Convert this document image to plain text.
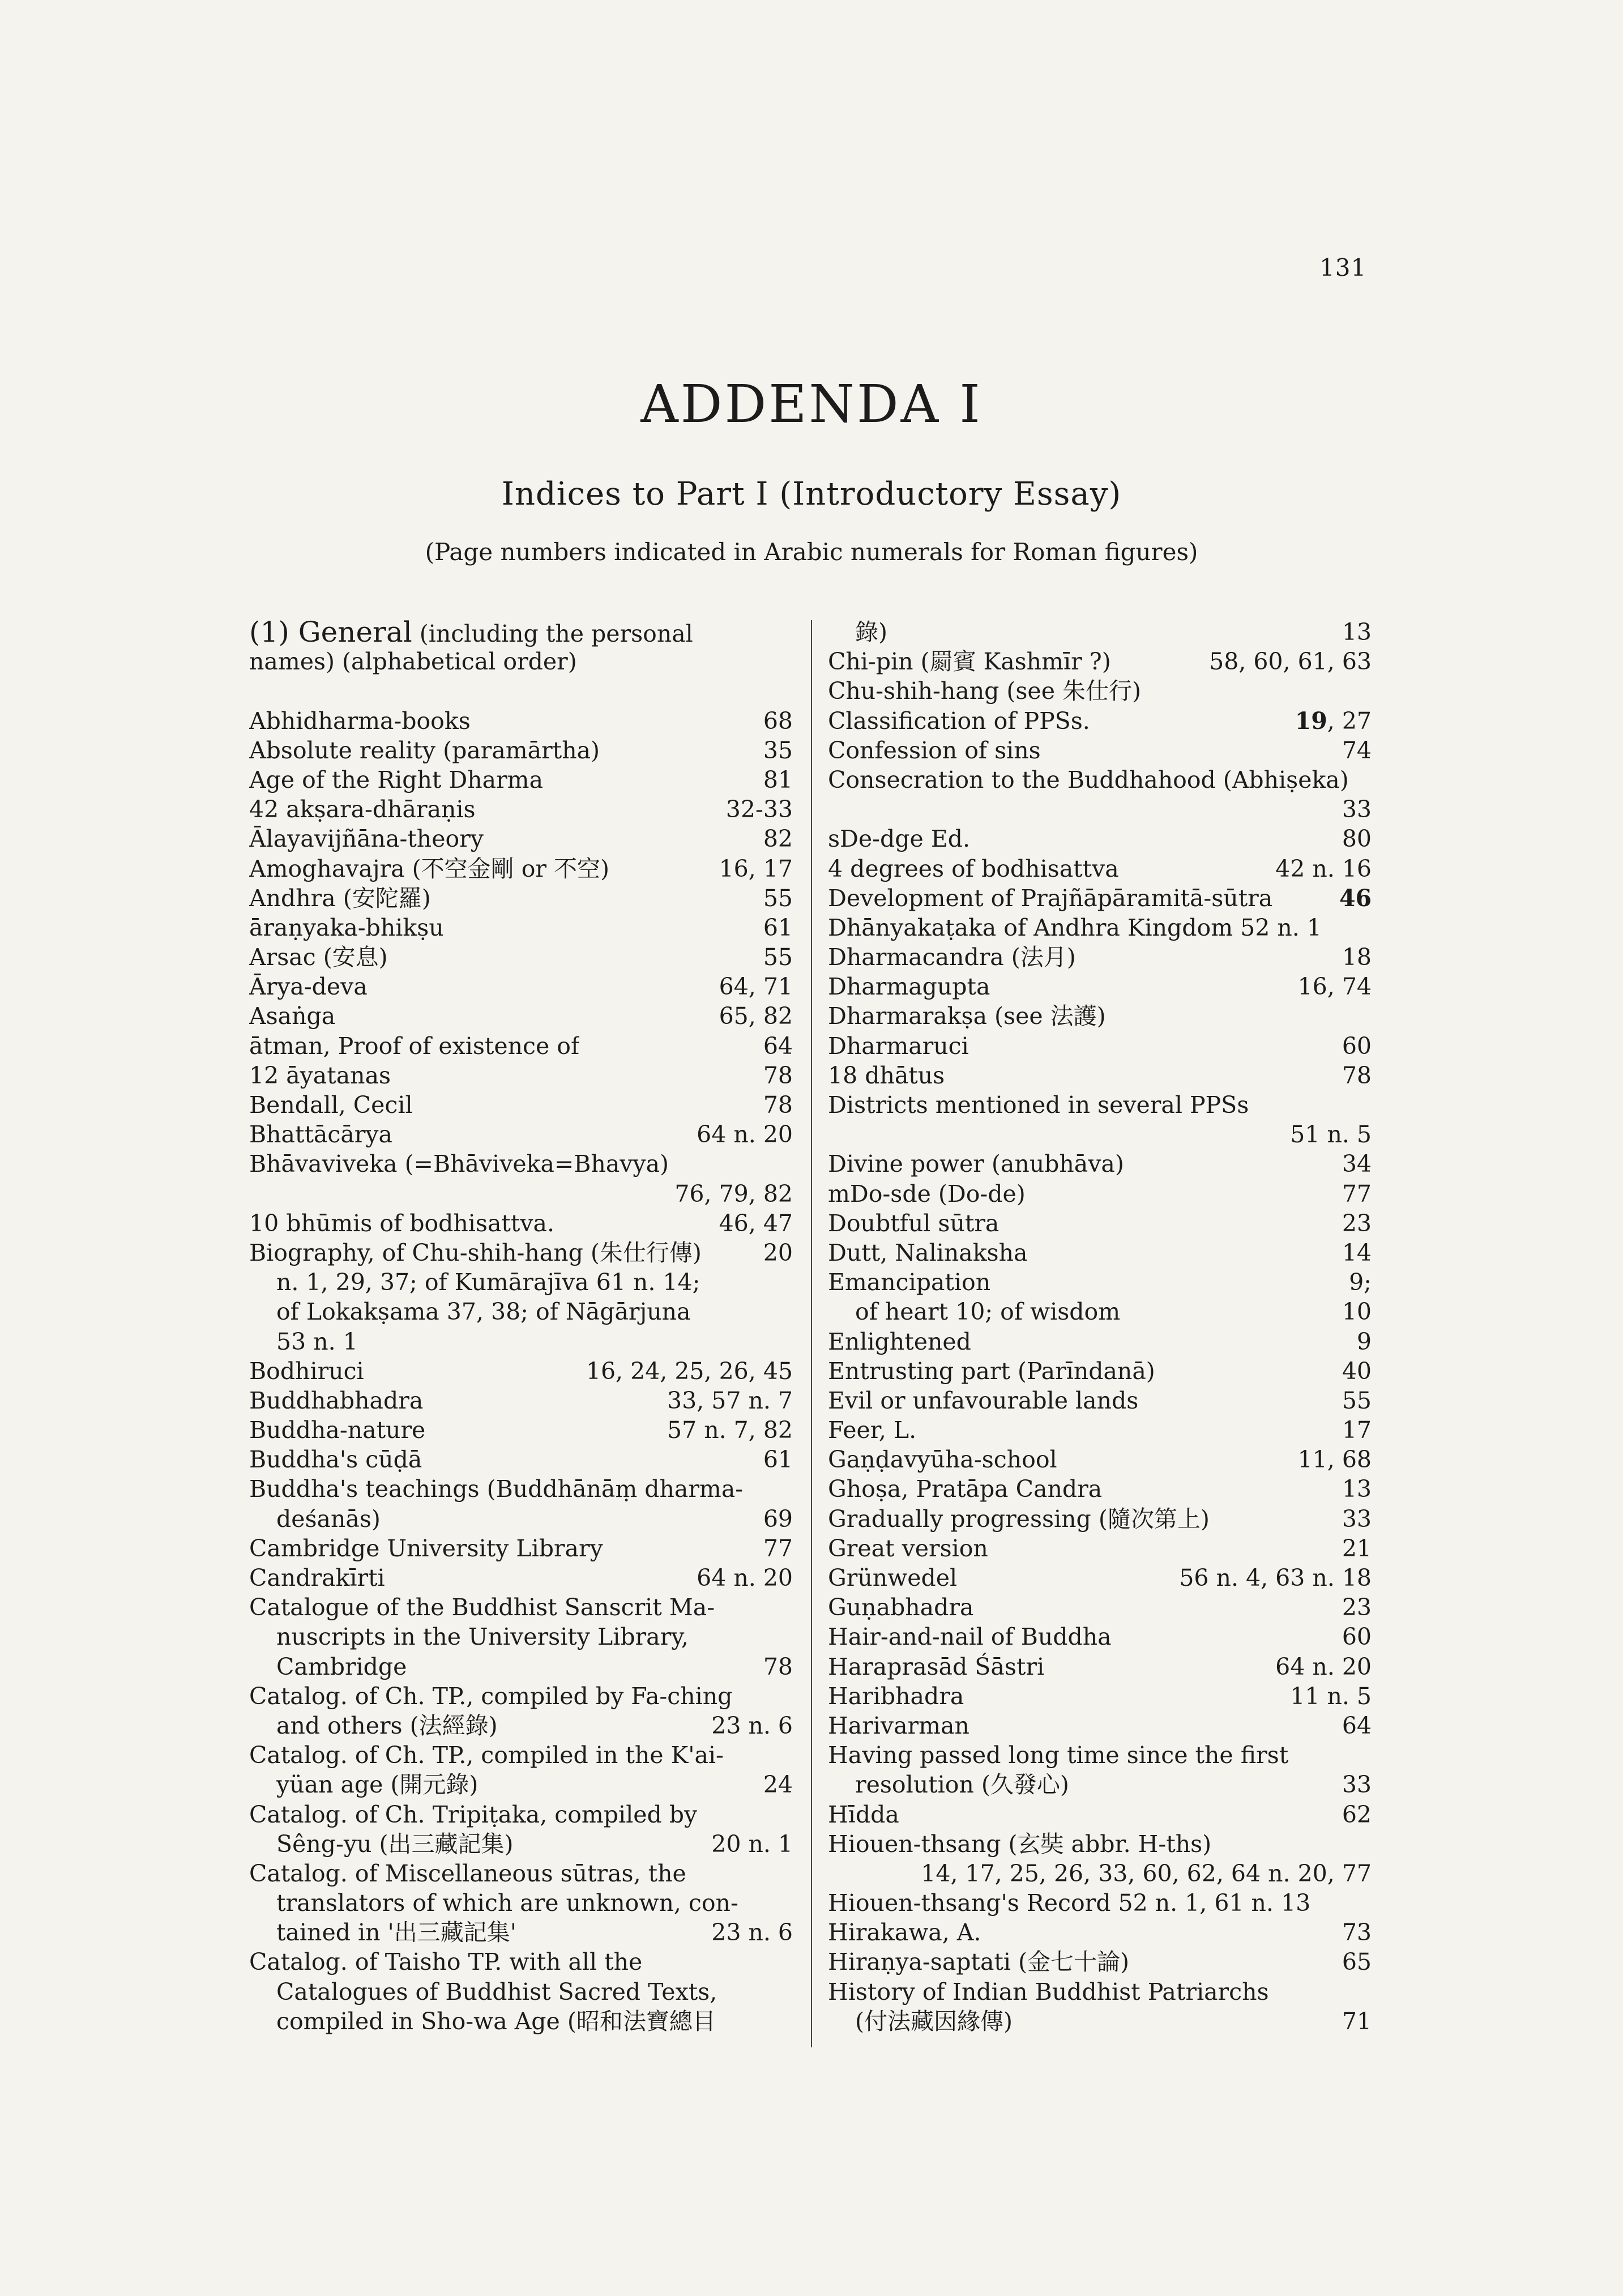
131
ADDENDA I
Indices to Part I (Introductory Essay)
(Page numbers indicated in Arabic numerals for Roman figures)
(1) General (including the personal
names) (alphabetical order)
Abhidharma-books	68
Absolute reality (paramārtha)	35
Age of the Right Dharma	81
42 akṣara-dhāraṇis	32-33
Ālayavijñāna-theory	82
Amoghavajra (不空金剛 or 不空)	16, 17
Andhra (安陀羅)	55
āraṇyaka-bhikṣu	61
Arsac (安息)	55
Ārya-deva	64, 71
Asaṅga	65, 82
ātman, Proof of existence of	64
12 āyatanas	78
Bendall, Cecil	78
Bhattācārya	64 n. 20
Bhāvaviveka (=Bhāviveka=Bhavya)
76, 79, 82
10 bhūmis of bodhisattva.	46, 47
Biography, of Chu-shih-hang (朱仕行傳)	20
n. 1, 29, 37; of Kumārajīva 61 n. 14;
of Lokakṣama 37, 38; of Nāgārjuna
53 n. 1
Bodhiruci	16, 24, 25, 26, 45
Buddhabhadra	33, 57 n. 7
Buddha-nature	57 n. 7, 82
Buddha's cūḍā	61
Buddha's teachings (Buddhānāṃ dharma-
deśanās)	69
Cambridge University Library	77
Candrakīrti	64 n. 20
Catalogue of the Buddhist Sanscrit Ma-
nuscripts in the University Library,
Cambridge	78
Catalog. of Ch. TP., compiled by Fa-ching
and others (法經錄)	23 n. 6
Catalog. of Ch. TP., compiled in the K'ai-
yüan age (開元錄)	24
Catalog. of Ch. Tripiṭaka, compiled by
Sêng-yu (出三藏記集)	20 n. 1
Catalog. of Miscellaneous sūtras, the
translators of which are unknown, con-
tained in '出三藏記集'	23 n. 6
Catalog. of Taisho TP. with all the
Catalogues of Buddhist Sacred Texts,
compiled in Sho-wa Age (昭和法寶總目
錄)	13
Chi-pin (罽賓 Kashmīr ?)	58, 60, 61, 63
Chu-shih-hang (see 朱仕行)
Classification of PPSs.	19, 27
Confession of sins	74
Consecration to the Buddhahood (Abhiṣeka)
33
sDe-dge Ed.	80
4 degrees of bodhisattva	42 n. 16
Development of Prajñāpāramitā-sūtra	46
Dhānyakaṭaka of Andhra Kingdom 52 n. 1
Dharmacandra (法月)	18
Dharmagupta	16, 74
Dharmarakṣa (see 法護)
Dharmaruci	60
18 dhātus	78
Districts mentioned in several PPSs
51 n. 5
Divine power (anubhāva)	34
mDo-sde (Do-de)	77
Doubtful sūtra	23
Dutt, Nalinaksha	14
Emancipation	9;
of heart 10; of wisdom	10
Enlightened	9
Entrusting part (Parīndanā)	40
Evil or unfavourable lands	55
Feer, L.	17
Gaṇḍavyūha-school	11, 68
Ghoṣa, Pratāpa Candra	13
Gradually progressing (隨次第上)	33
Great version	21
Grünwedel	56 n. 4, 63 n. 18
Guṇabhadra	23
Hair-and-nail of Buddha	60
Haraprasād Śāstri	64 n. 20
Haribhadra	11 n. 5
Harivarman	64
Having passed long time since the first
resolution (久發心)	33
Hīdda	62
Hiouen-thsang (玄奘 abbr. H-ths)
14, 17, 25, 26, 33, 60, 62, 64 n. 20, 77
Hiouen-thsang's Record 52 n. 1, 61 n. 13
Hirakawa, A.	73
Hiraṇya-saptati (金七十論)	65
History of Indian Buddhist Patriarchs
(付法藏因緣傳)	71
